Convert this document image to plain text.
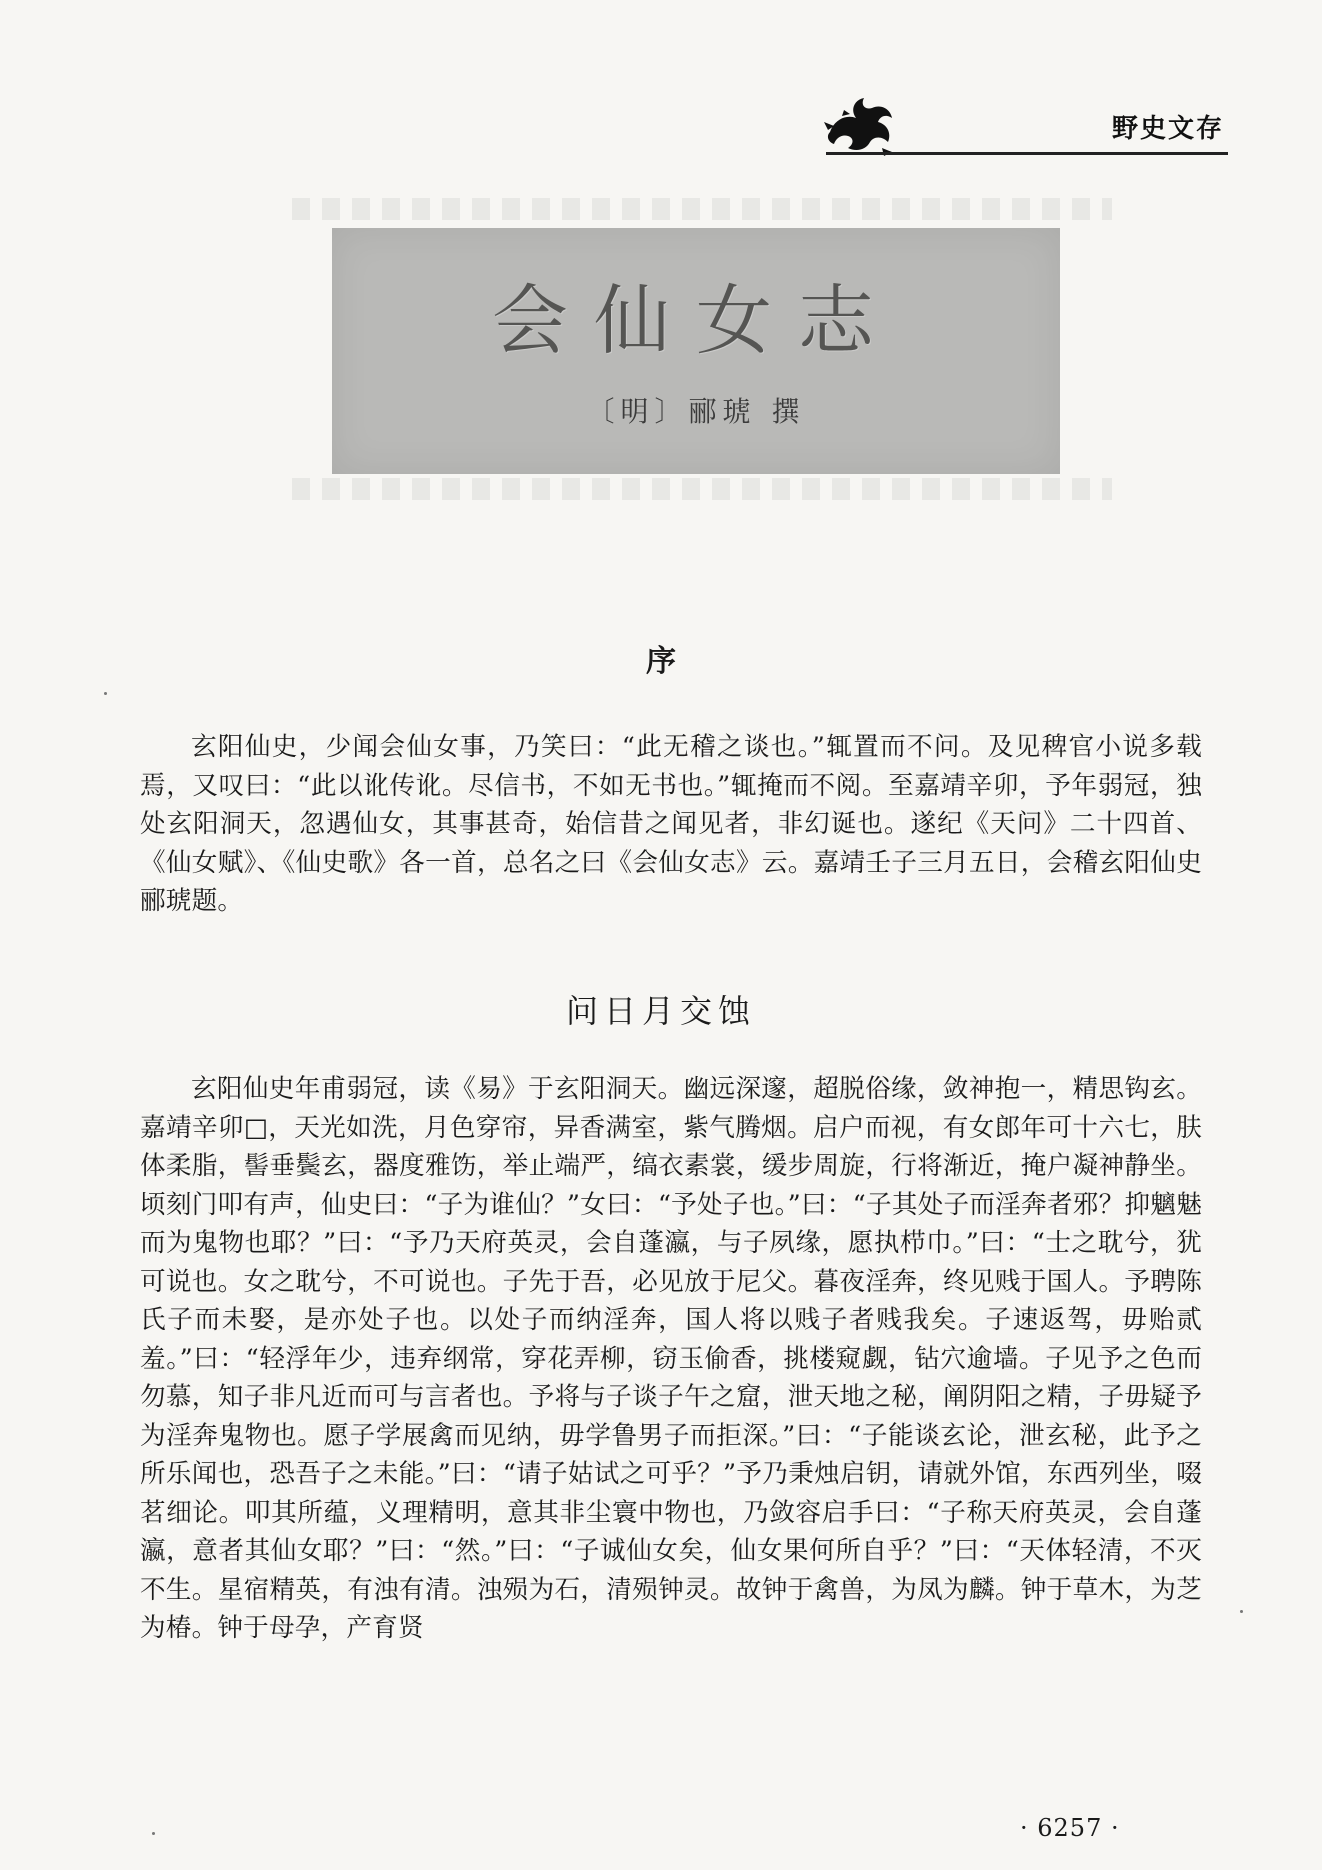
野史文存
会仙女志
〔明〕郦琥 撰
序

玄阳仙史，少闻会仙女事，乃笑曰：“此无稽之谈也。”辄置而不问。及见稗官小说多载焉，又叹曰：“此以讹传讹。尽信书，不如无书也。”辄掩而不阅。至嘉靖辛卯，予年弱冠，独处玄阳洞天，忽遇仙女，其事甚奇，始信昔之闻见者，非幻诞也。遂纪《天问》二十四首、《仙女赋》、《仙史歌》各一首，总名之曰《会仙女志》云。嘉靖壬子三月五日，会稽玄阳仙史郦琥题。

问日月交蚀

玄阳仙史年甫弱冠，读《易》于玄阳洞天。幽远深邃，超脱俗缘，敛神抱一，精思钩玄。嘉靖辛卯□，天光如洗，月色穿帘，异香满室，紫气腾烟。启户而视，有女郎年可十六七，肤体柔脂，髻垂鬓玄，器度雅饬，举止端严，缟衣素裳，缓步周旋，行将渐近，掩户凝神静坐。顷刻门叩有声，仙史曰：“子为谁仙？”女曰：“予处子也。”曰：“子其处子而淫奔者邪？抑魑魅而为鬼物也耶？”曰：“予乃天府英灵，会自蓬瀛，与子夙缘，愿执栉巾。”曰：“士之耽兮，犹可说也。女之耽兮，不可说也。子先于吾，必见放于尼父。暮夜淫奔，终见贱于国人。予聘陈氏子而未娶，是亦处子也。以处子而纳淫奔，国人将以贱子者贱我矣。子速返驾，毋贻贰羞。”曰：“轻浮年少，违弃纲常，穿花弄柳，窃玉偷香，挑楼窥觑，钻穴逾墙。子见予之色而勿慕，知子非凡近而可与言者也。予将与子谈子午之窟，泄天地之秘，阐阴阳之精，子毋疑予为淫奔鬼物也。愿子学展禽而见纳，毋学鲁男子而拒深。”曰：“子能谈玄论，泄玄秘，此予之所乐闻也，恐吾子之未能。”曰：“请子姑试之可乎？”予乃秉烛启钥，请就外馆，东西列坐，啜茗细论。叩其所蕴，义理精明，意其非尘寰中物也，乃敛容启手曰：“子称天府英灵，会自蓬瀛，意者其仙女耶？”曰：“然。”曰：“子诚仙女矣，仙女果何所自乎？”曰：“天体轻清，不灭不生。星宿精英，有浊有清。浊殒为石，清殒钟灵。故钟于禽兽，为凤为麟。钟于草木，为芝为椿。钟于母孕，产育贤

· 6257 ·
